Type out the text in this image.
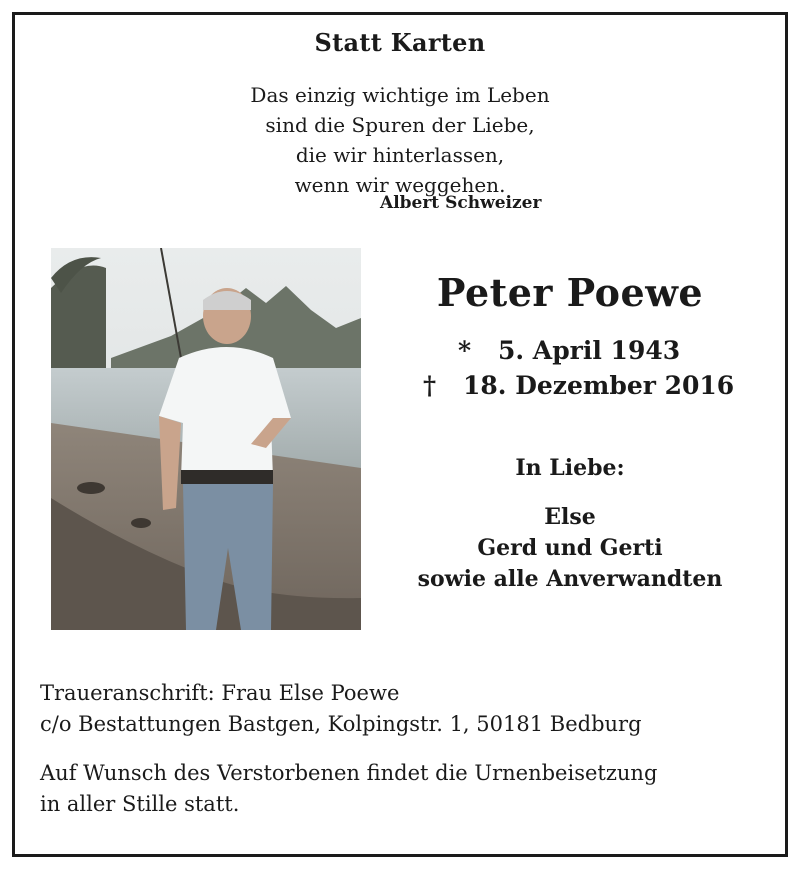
Statt Karten
Das einzig wichtige im Leben
sind die Spuren der Liebe,
die wir hinterlassen,
wenn wir weggehen.
Albert Schweizer
Peter Poewe
* 5. April 1943
† 18. Dezember 2016
In Liebe:
Else
Gerd und Gerti
sowie alle Anverwandten
Traueranschrift: Frau Else Poewe
c/o Bestattungen Bastgen, Kolpingstr. 1, 50181 Bedburg
Auf Wunsch des Verstorbenen findet die Urnenbeisetzung
in aller Stille statt.
